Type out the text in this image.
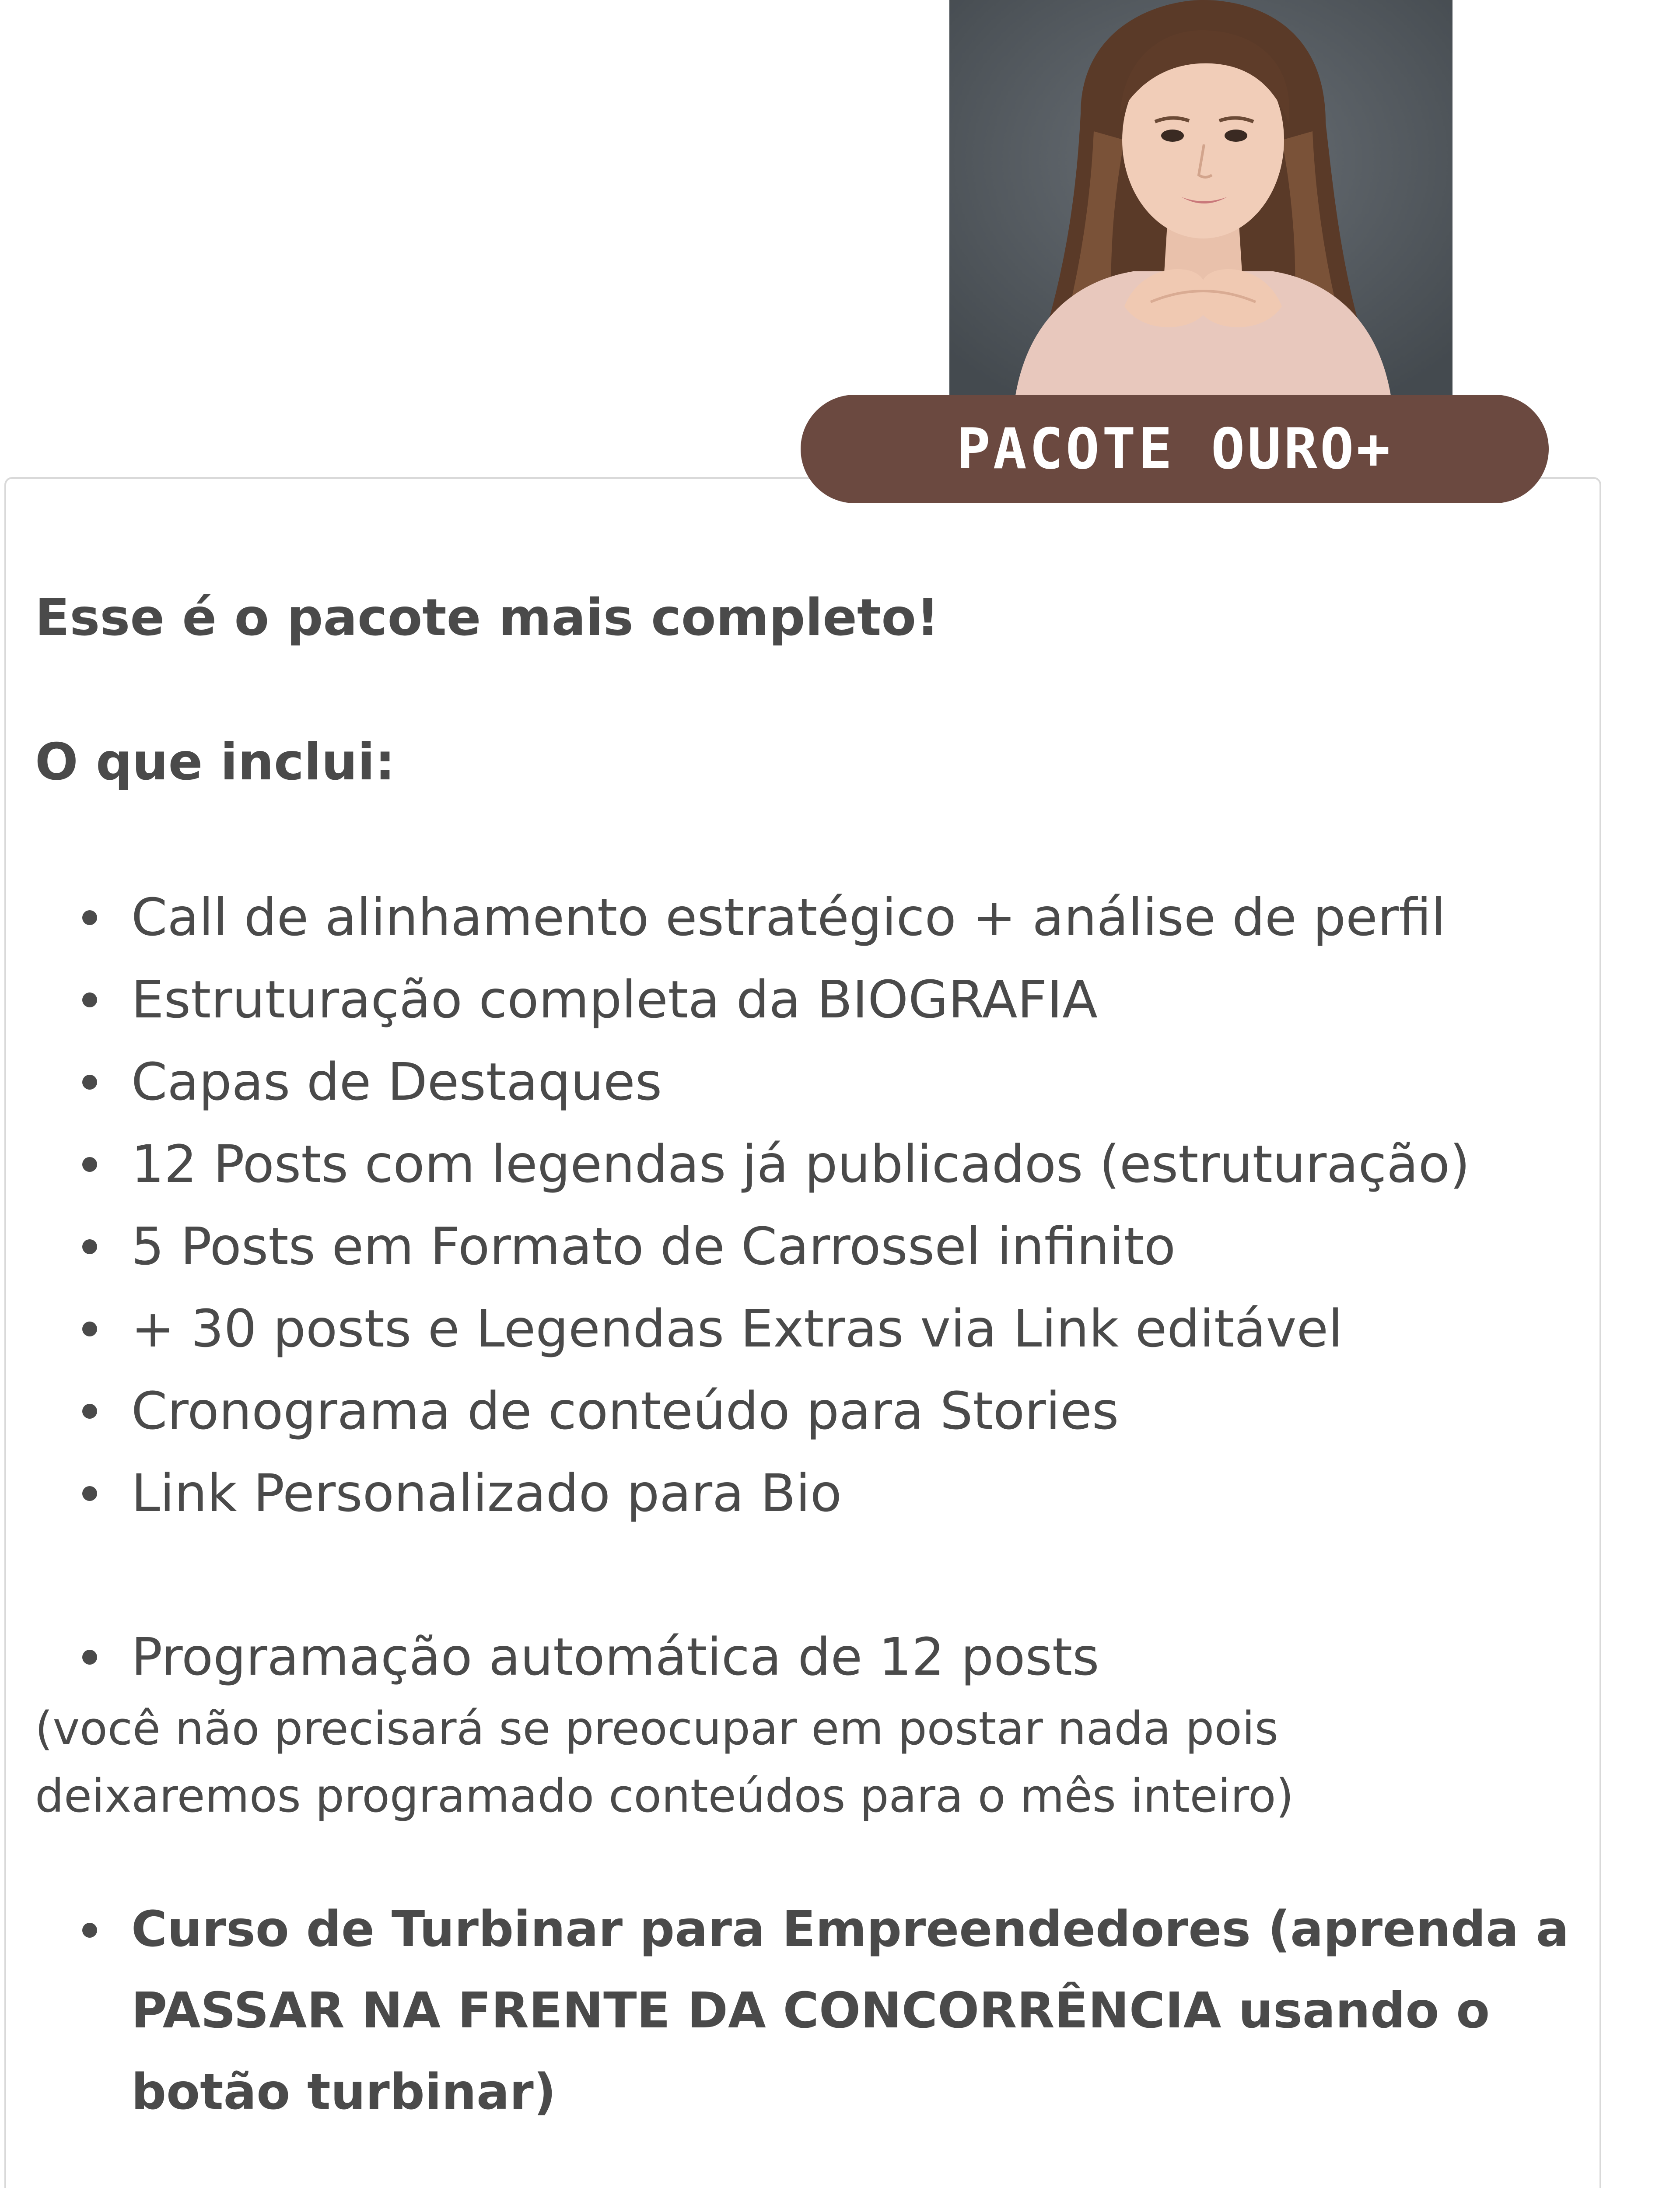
PACOTE OURO+
Esse é o pacote mais completo!
O que inclui:
Call de alinhamento estratégico + análise de perfil
Estruturação completa da BIOGRAFIA
Capas de Destaques
12 Posts com legendas já publicados (estruturação)
5 Posts em Formato de Carrossel infinito
+ 30 posts e Legendas Extras via Link editável
Cronograma de conteúdo para Stories
Link Personalizado para Bio
Programação automática de 12 posts
(você não precisará se preocupar em postar nada pois
deixaremos programado conteúdos para o mês inteiro)
Curso de Turbinar para Empreendedores (aprenda a PASSAR NA FRENTE DA CONCORRÊNCIA usando o botão turbinar)
